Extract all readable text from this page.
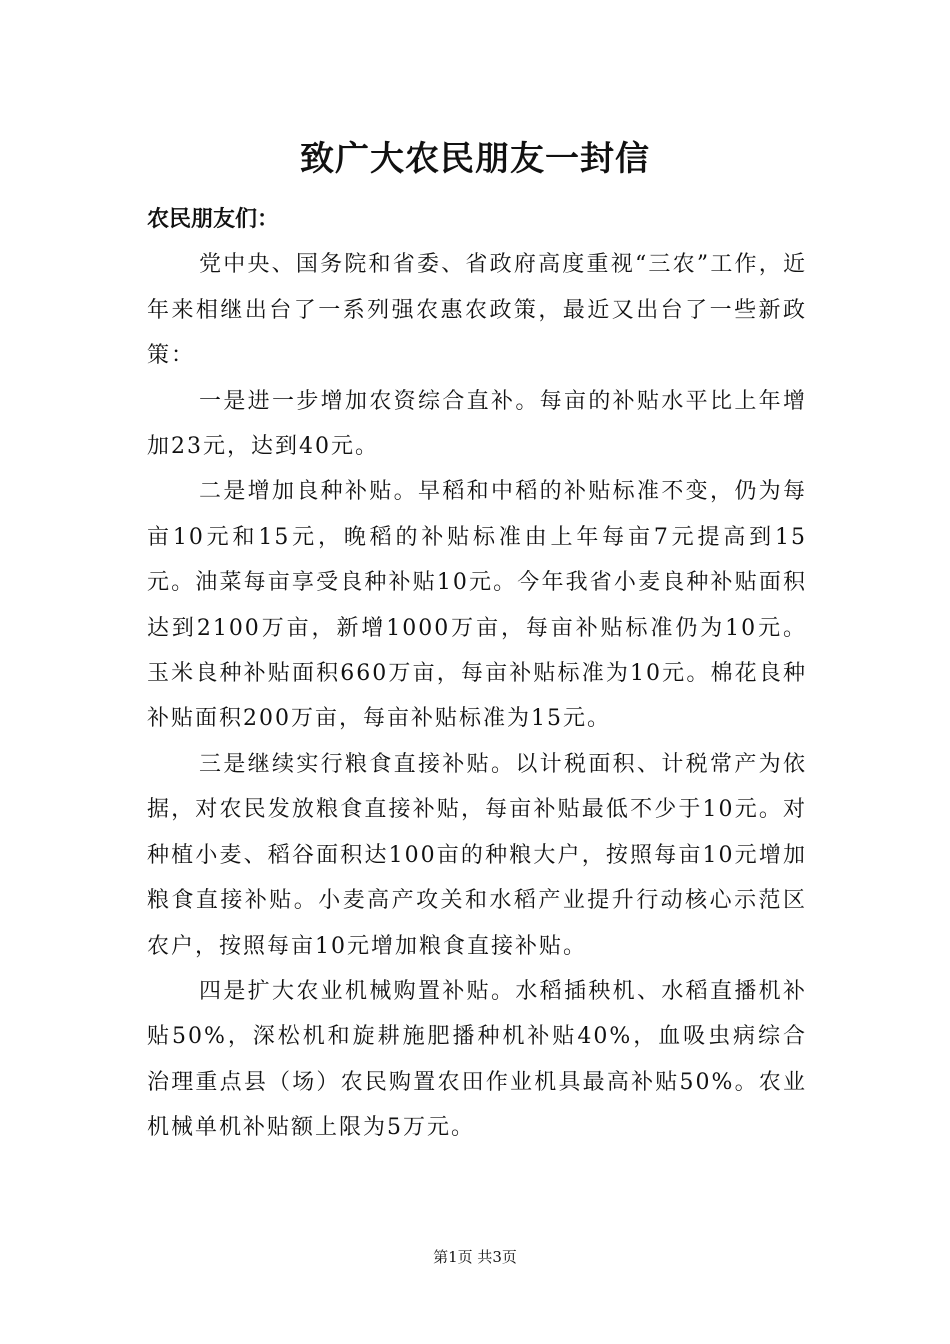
致广大农民朋友一封信

农民朋友们：

党中央、国务院和省委、省政府高度重视“三农”工作，近年来相继出台了一系列强农惠农政策，最近又出台了一些新政策：

一是进一步增加农资综合直补。每亩的补贴水平比上年增加23元，达到40元。

二是增加良种补贴。早稻和中稻的补贴标准不变，仍为每亩10元和15元，晚稻的补贴标准由上年每亩7元提高到15元。油菜每亩享受良种补贴10元。今年我省小麦良种补贴面积达到2100万亩，新增1000万亩，每亩补贴标准仍为10元。玉米良种补贴面积660万亩，每亩补贴标准为10元。棉花良种补贴面积200万亩，每亩补贴标准为15元。

三是继续实行粮食直接补贴。以计税面积、计税常产为依据，对农民发放粮食直接补贴，每亩补贴最低不少于10元。对种植小麦、稻谷面积达100亩的种粮大户，按照每亩10元增加粮食直接补贴。小麦高产攻关和水稻产业提升行动核心示范区农户，按照每亩10元增加粮食直接补贴。

四是扩大农业机械购置补贴。水稻插秧机、水稻直播机补贴50%，深松机和旋耕施肥播种机补贴40%，血吸虫病综合治理重点县（场）农民购置农田作业机具最高补贴50%。农业机械单机补贴额上限为5万元。

第1页 共3页
